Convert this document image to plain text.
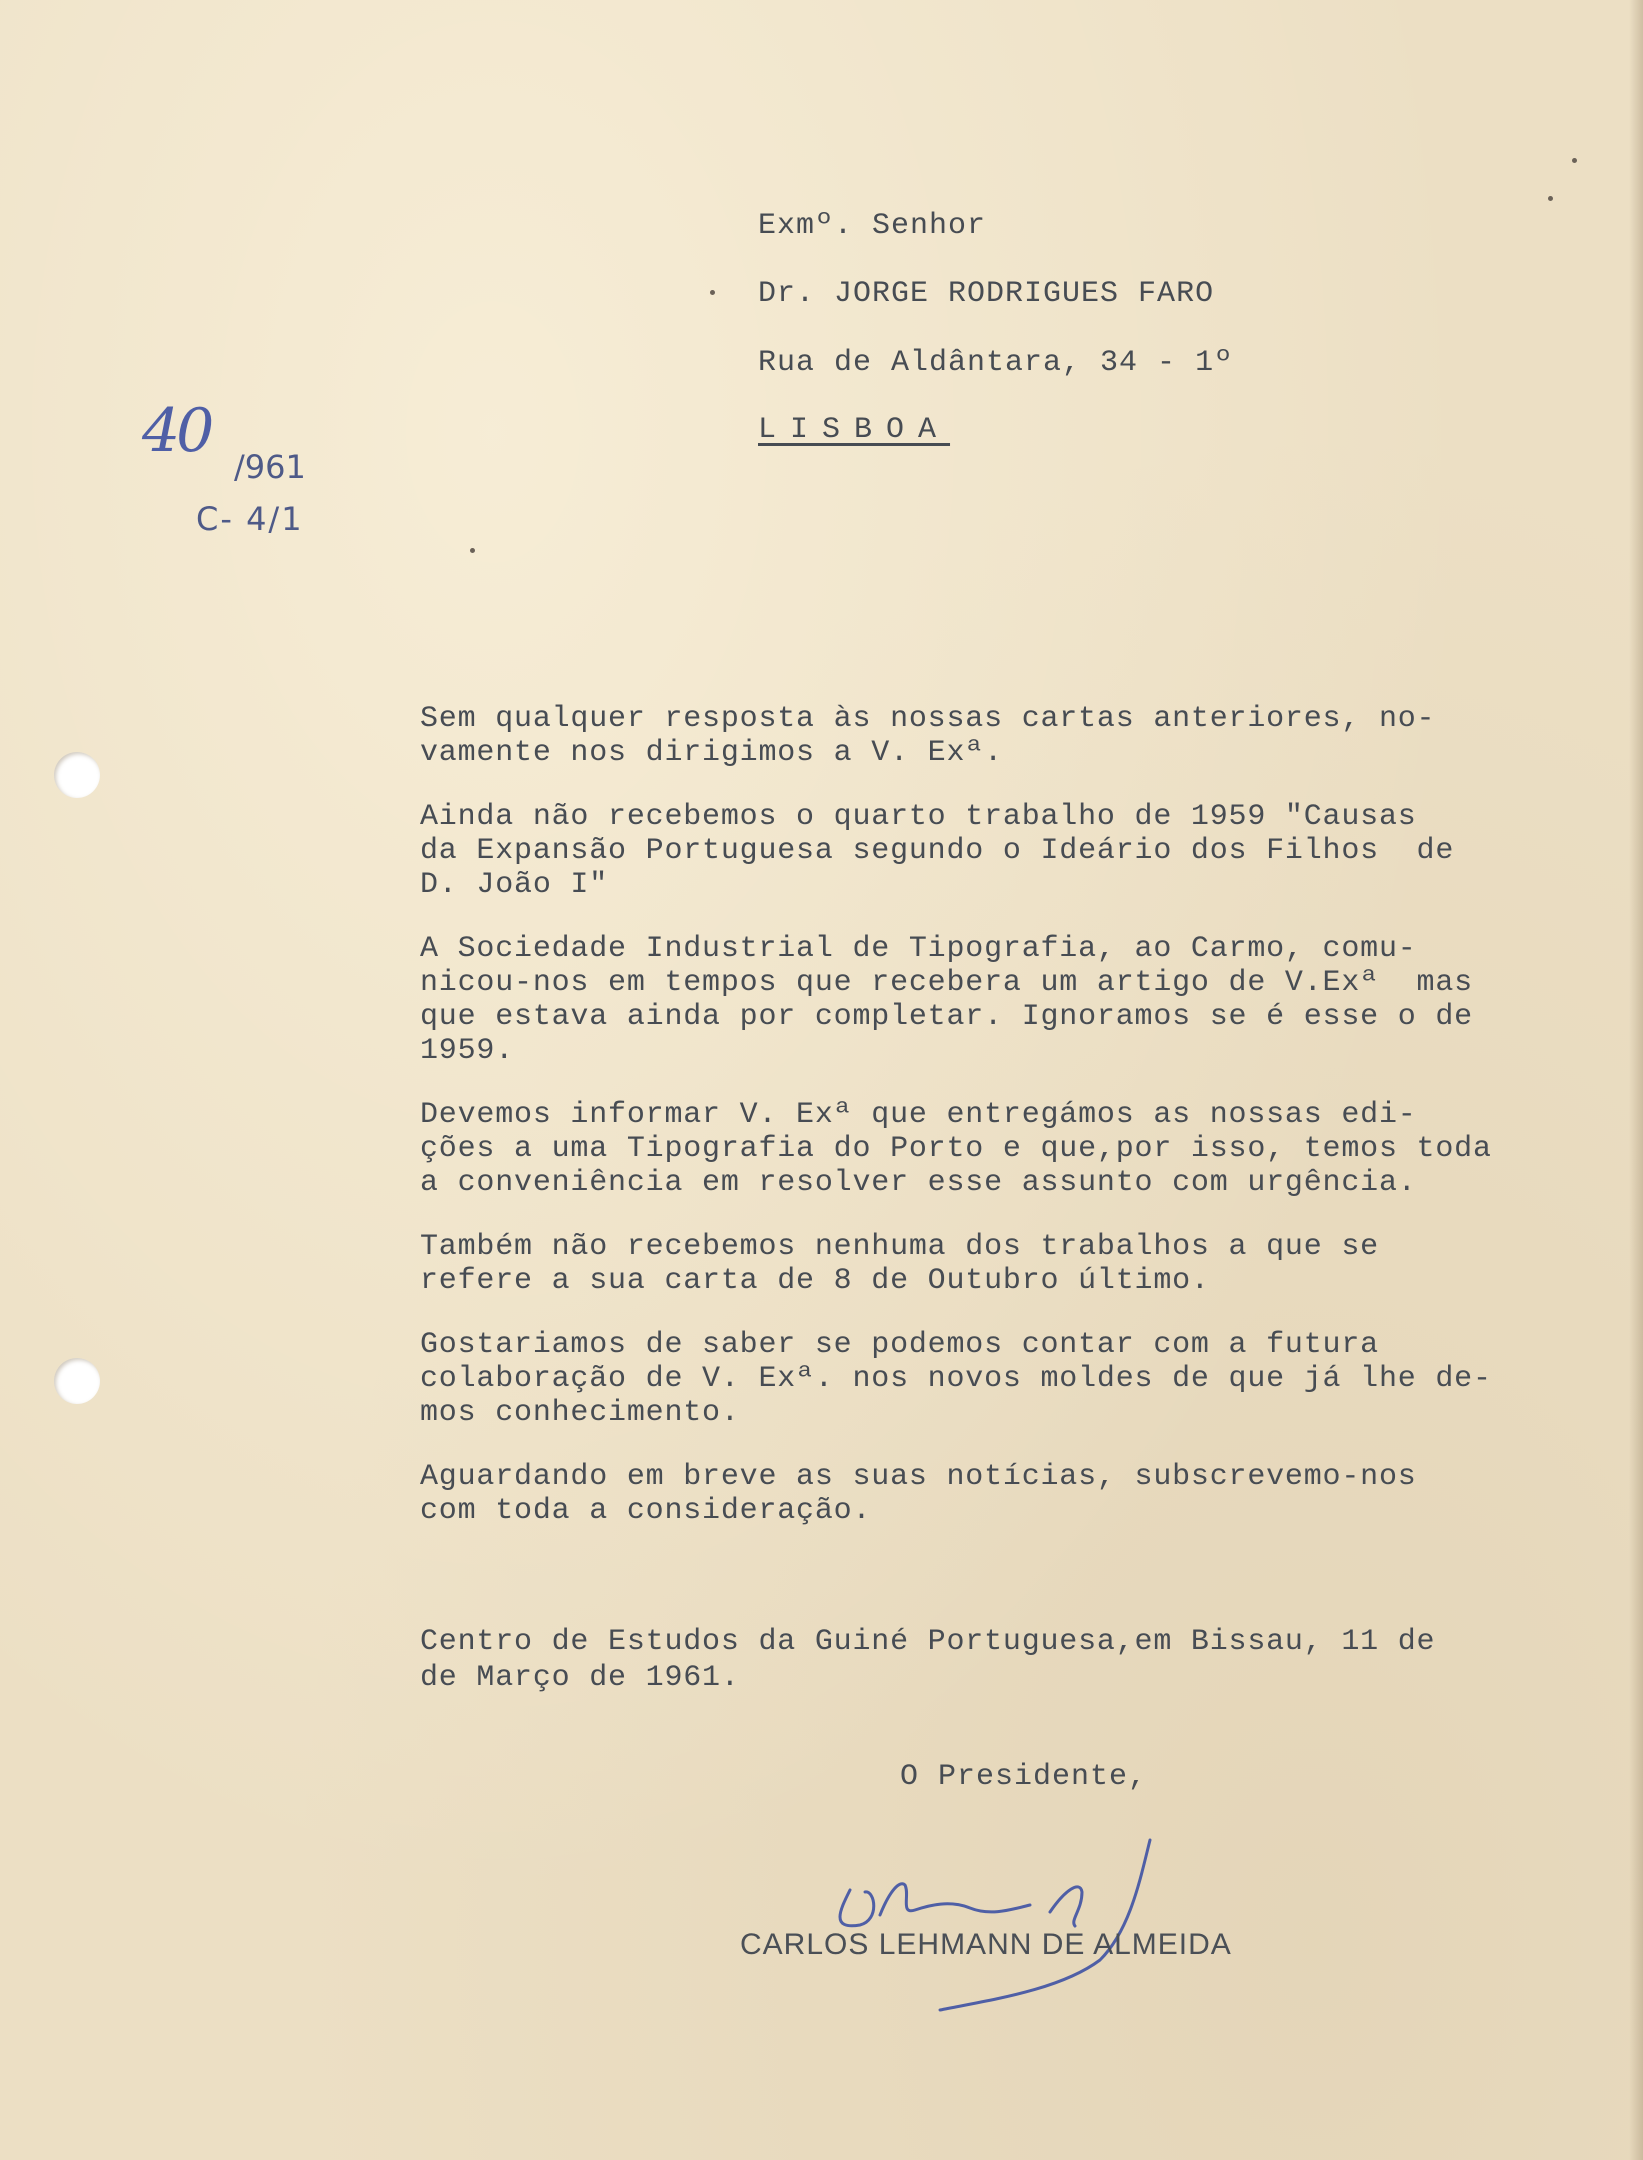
Exmº. Senhor
Dr. JORGE RODRIGUES FARO
Rua de Aldântara, 34 - 1º
LISBOA
40
/961
C- 4/1

Sem qualquer resposta às nossas cartas anteriores, no-
vamente nos dirigimos a V. Exª.

Ainda não recebemos o quarto trabalho de 1959 "Causas
da Expansão Portuguesa segundo o Ideário dos Filhos  de
D. João I"

A Sociedade Industrial de Tipografia, ao Carmo, comu-
nicou-nos em tempos que recebera um artigo de V.Exª  mas
que estava ainda por completar. Ignoramos se é esse o de
1959.

Devemos informar V. Exª que entregámos as nossas edi-
ções a uma Tipografia do Porto e que,por isso, temos toda
a conveniência em resolver esse assunto com urgência.

Também não recebemos nenhuma dos trabalhos a que se
refere a sua carta de 8 de Outubro último.

Gostariamos de saber se podemos contar com a futura
colaboração de V. Exª. nos novos moldes de que já lhe de-
mos conhecimento.

Aguardando em breve as suas notícias, subscrevemo-nos
com toda a consideração.

Centro de Estudos da Guiné Portuguesa,em Bissau, 11 de
de Março de 1961.
O Presidente,
CARLOS LEHMANN DE ALMEIDA
